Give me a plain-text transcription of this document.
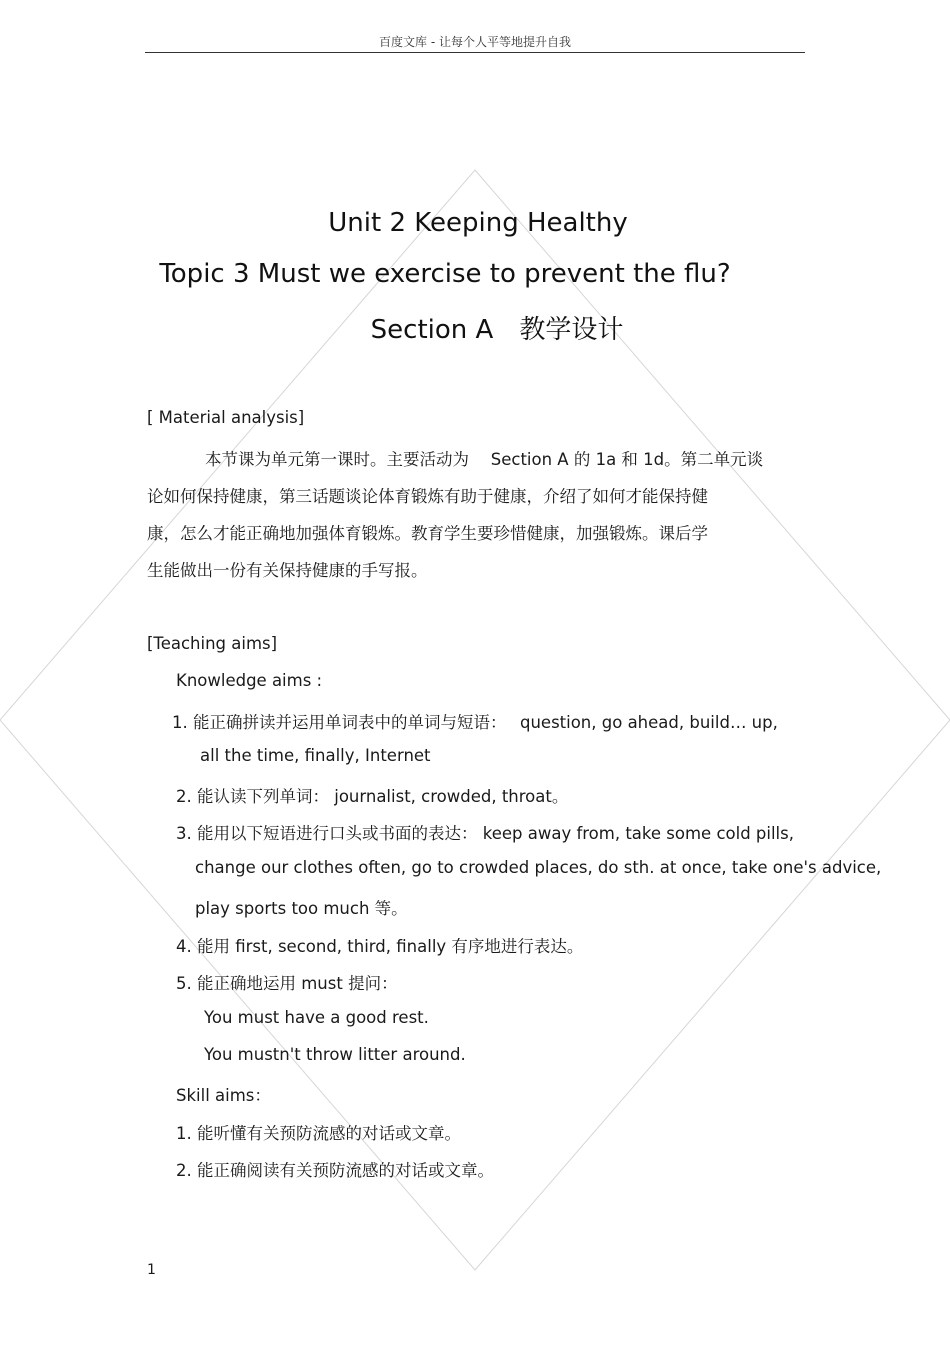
百度文库 - 让每个人平等地提升自我
Unit 2 Keeping Healthy
Topic 3 Must we exercise to prevent the flu?
Section A　教学设计
[ Material analysis]
本节课为单元第一课时。主要活动为　 Section A 的 1a 和 1d。第二单元谈
论如何保持健康，第三话题谈论体育锻炼有助于健康，介绍了如何才能保持健
康，怎么才能正确地加强体育锻炼。教育学生要珍惜健康，加强锻炼。课后学
生能做出一份有关保持健康的手写报。
[Teaching aims]
Knowledge aims :
1. 能正确拼读并运用单词表中的单词与短语：　 question, go ahead, build… up,
all the time, finally, Internet
2. 能认读下列单词： journalist, crowded, throat。
3. 能用以下短语进行口头或书面的表达： keep away from, take some cold pills,
change our clothes often, go to crowded places, do sth. at once, take one's advice,
play sports too much 等。
4. 能用 first, second, third, finally 有序地进行表达。
5. 能正确地运用 must 提问：
You must have a good rest.
You mustn't throw litter around.
Skill aims：
1. 能听懂有关预防流感的对话或文章。
2. 能正确阅读有关预防流感的对话或文章。
1
